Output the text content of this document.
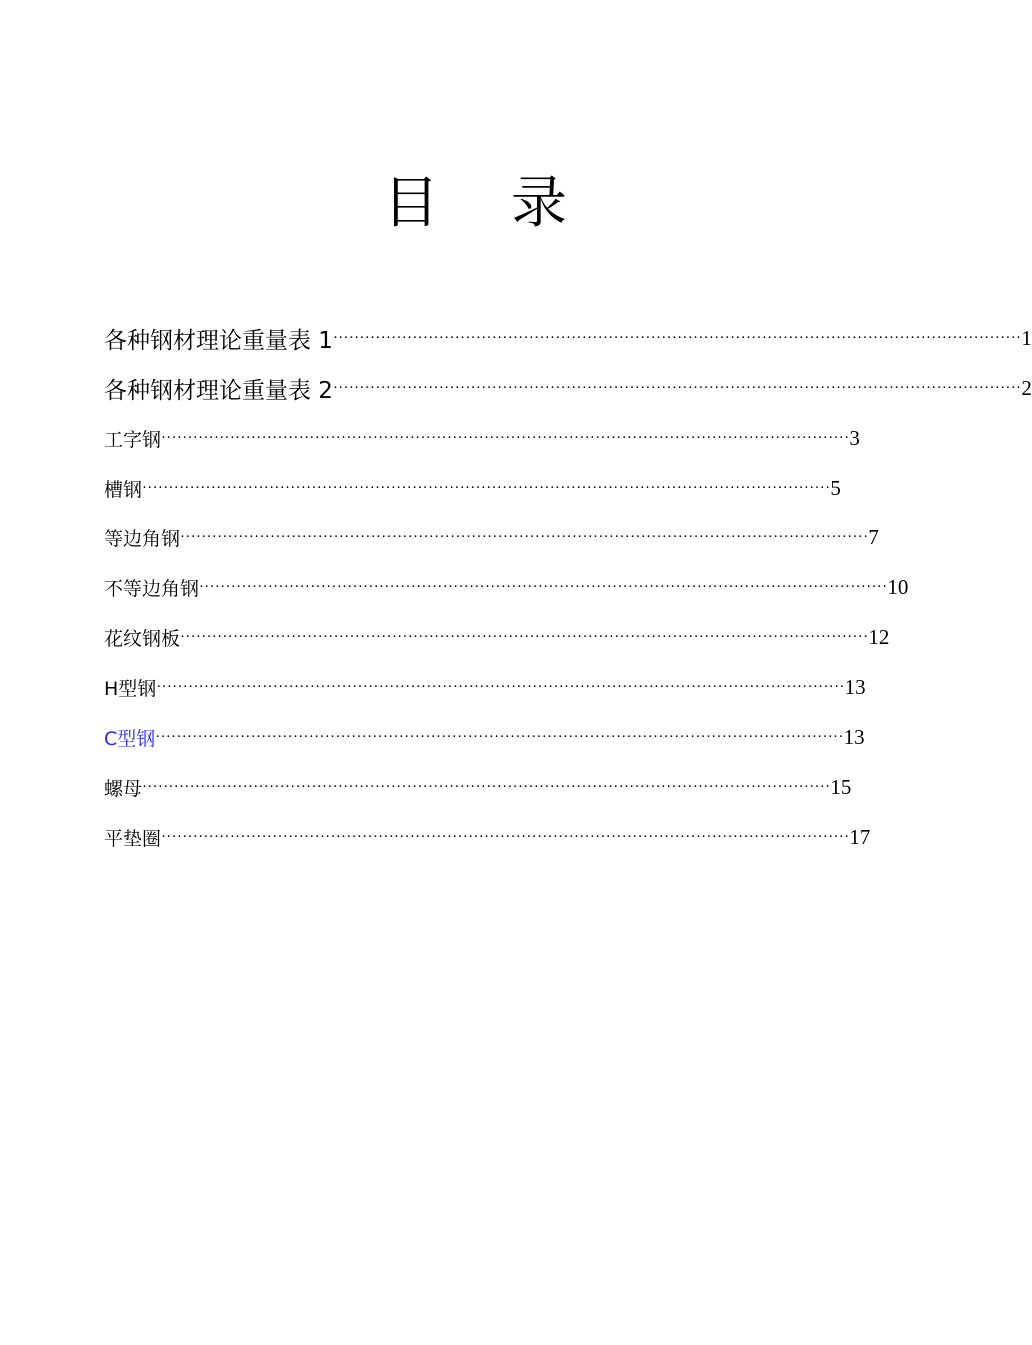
目 录
各种钢材理论重量表 1 ·································································································································· 1
各种钢材理论重量表 2 ·································································································································· 2
工字钢 ·································································································································· 3
槽钢 ·································································································································· 5
等边角钢 ·································································································································· 7
不等边角钢 ·································································································································· 10
花纹钢板 ·································································································································· 12
H型钢 ·································································································································· 13
C型钢 ·································································································································· 13
螺母 ·································································································································· 15
平垫圈 ·································································································································· 17
